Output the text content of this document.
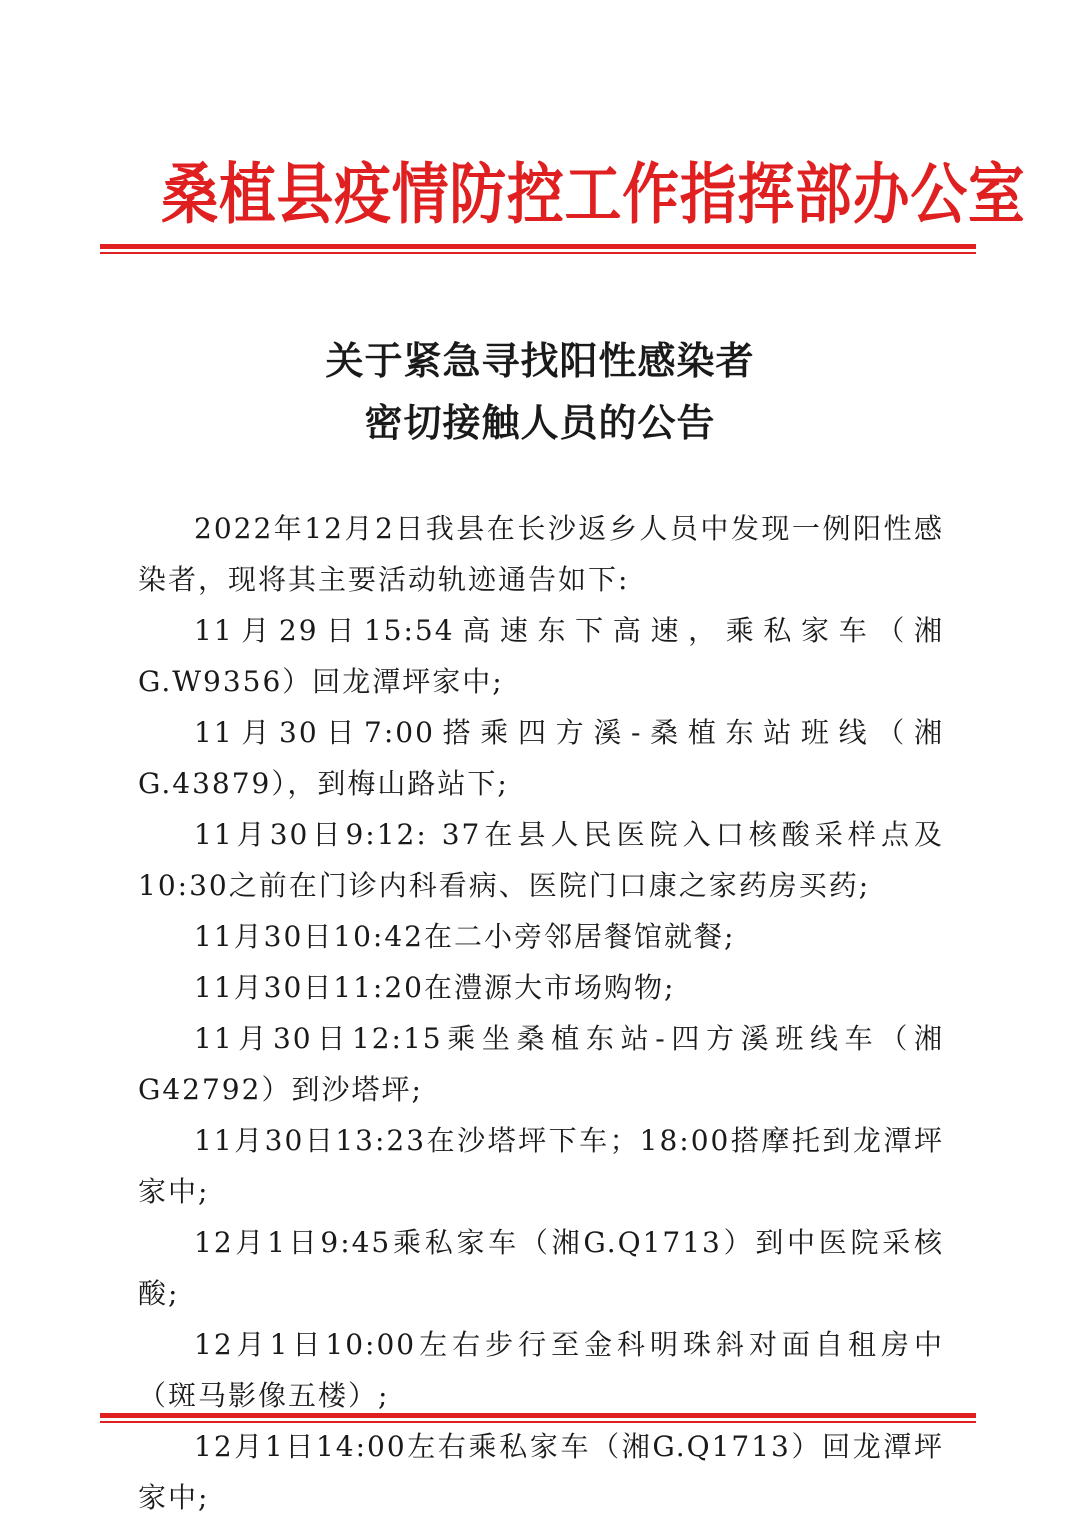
桑植县疫情防控工作指挥部办公室
关于紧急寻找阳性感染者
密切接触人员的公告

2022年12月2日我县在长沙返乡人员中发现一例阳性感染者，现将其主要活动轨迹通告如下:

11月29日15:54高速东下高速，乘私家车（湘G.W9356）回龙潭坪家中;

11月30日7:00搭乘四方溪-桑植东站班线（湘G.43879），到梅山路站下;

11月30日9:12: 37在县人民医院入口核酸采样点及10:30之前在门诊内科看病、医院门口康之家药房买药;

11月30日10:42在二小旁邻居餐馆就餐;

11月30日11:20在澧源大市场购物;

11月30日12:15乘坐桑植东站-四方溪班线车（湘G42792）到沙塔坪;

11月30日13:23在沙塔坪下车；18:00搭摩托到龙潭坪家中;

12月1日9:45乘私家车（湘G.Q1713）到中医院采核酸;

12月1日10:00左右步行至金科明珠斜对面自租房中（斑马影像五楼）;

12月1日14:00左右乘私家车（湘G.Q1713）回龙潭坪家中;
